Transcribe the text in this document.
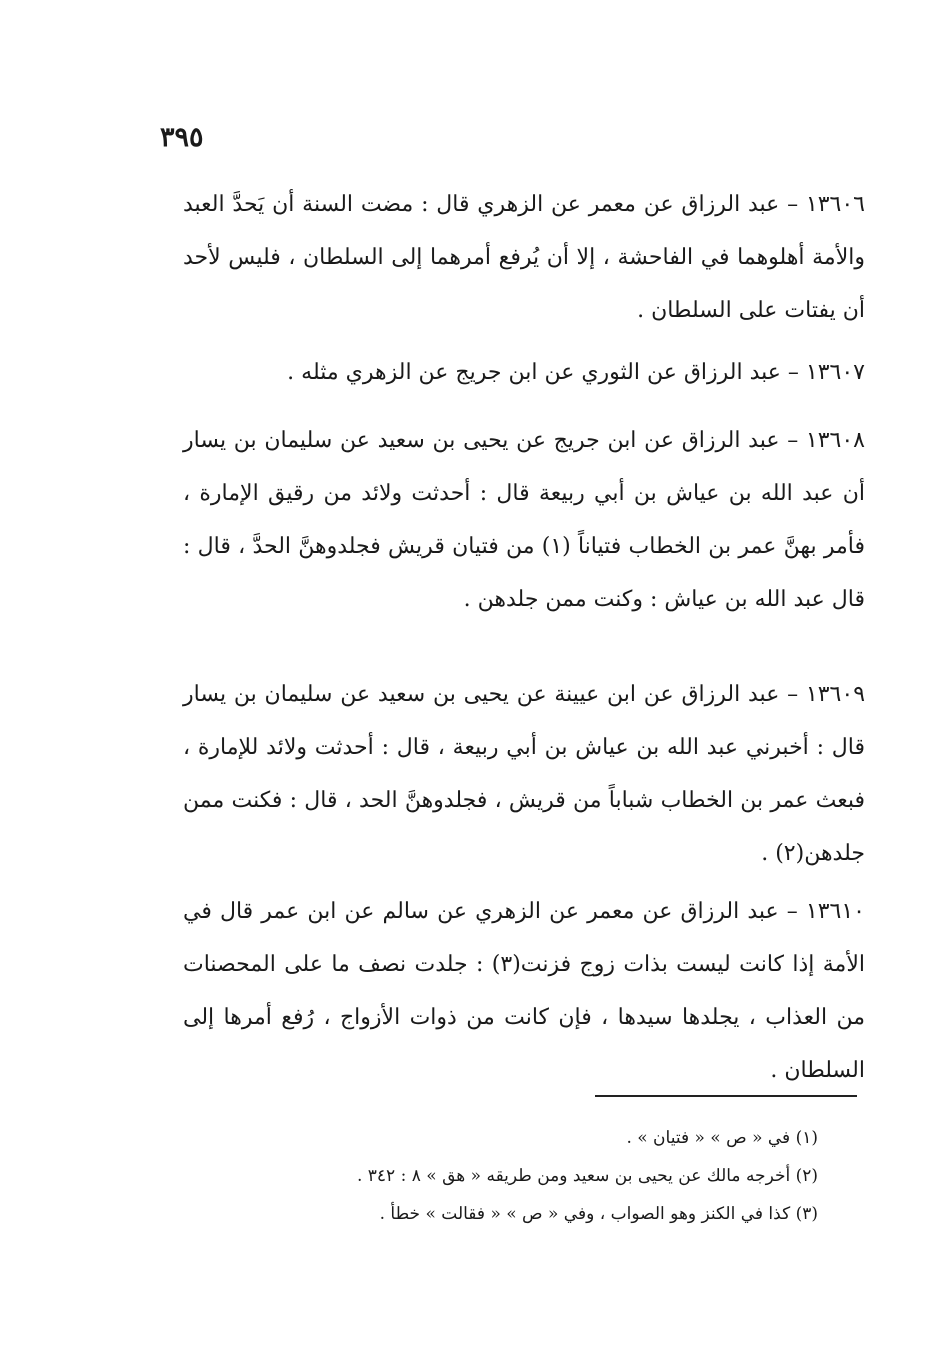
٣٩٥

١٣٦٠٦ – عبد الرزاق عن معمر عن الزهري قال : مضت السنة أن يَحدَّ العبد والأمة أهلوهما في الفاحشة ، إلا أن يُرفع أمرهما إلى السلطان ، فليس لأحد أن يفتات على السلطان .

١٣٦٠٧ – عبد الرزاق عن الثوري عن ابن جريج عن الزهري مثله .

١٣٦٠٨ – عبد الرزاق عن ابن جريج عن يحيى بن سعيد عن سليمان بن يسار أن عبد الله بن عياش بن أبي ربيعة قال : أحدثت ولائد من رقيق الإمارة ، فأمر بهنَّ عمر بن الخطاب فتياناً (١) من فتيان قريش فجلدوهنَّ الحدَّ ، قال : قال عبد الله بن عياش : وكنت ممن جلدهن .

١٣٦٠٩ – عبد الرزاق عن ابن عيينة عن يحيى بن سعيد عن سليمان بن يسار قال : أخبرني عبد الله بن عياش بن أبي ربيعة ، قال : أحدثت ولائد للإمارة ، فبعث عمر بن الخطاب شباباً من قريش ، فجلدوهنَّ الحد ، قال : فكنت ممن جلدهن(٢) .

١٣٦١٠ – عبد الرزاق عن معمر عن الزهري عن سالم عن ابن عمر قال في الأمة إذا كانت ليست بذات زوج فزنت(٣) : جلدت نصف ما على المحصنات من العذاب ، يجلدها سيدها ، فإن كانت من ذوات الأزواج ، رُفع أمرها إلى السلطان .

(١) في « ص » « فتيان » .

(٢) أخرجه مالك عن يحيى بن سعيد ومن طريقه « هق » ٨ : ٣٤٢ .

(٣) كذا في الكنز وهو الصواب ، وفي « ص » « فقالت » خطأ .
